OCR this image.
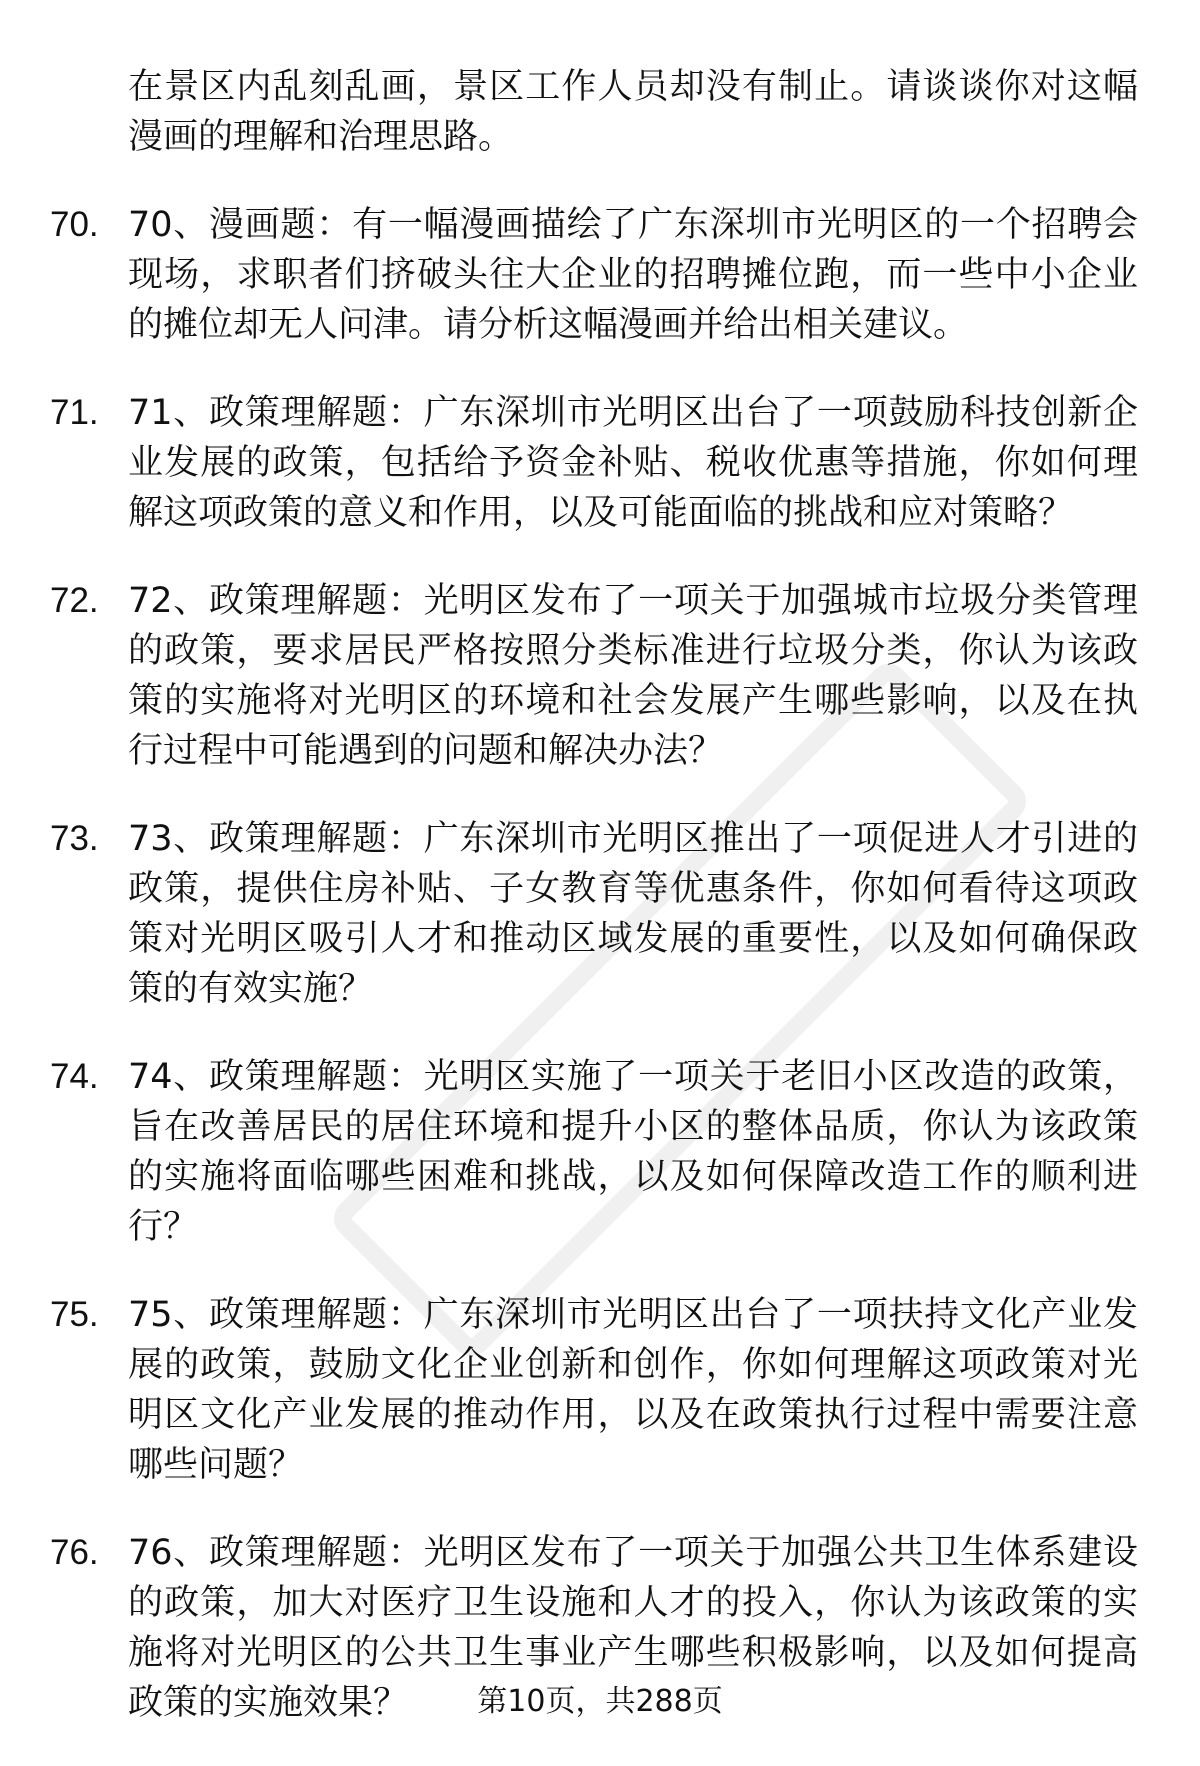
在景区内乱刻乱画，景区工作人员却没有制止。请谈谈你对这幅漫画的理解和治理思路。

70. 70、漫画题：有一幅漫画描绘了广东深圳市光明区的一个招聘会现场，求职者们挤破头往大企业的招聘摊位跑，而一些中小企业的摊位却无人问津。请分析这幅漫画并给出相关建议。
71. 71、政策理解题：广东深圳市光明区出台了一项鼓励科技创新企业发展的政策，包括给予资金补贴、税收优惠等措施，你如何理解这项政策的意义和作用，以及可能面临的挑战和应对策略？
72. 72、政策理解题：光明区发布了一项关于加强城市垃圾分类管理的政策，要求居民严格按照分类标准进行垃圾分类，你认为该政策的实施将对光明区的环境和社会发展产生哪些影响，以及在执行过程中可能遇到的问题和解决办法？
73. 73、政策理解题：广东深圳市光明区推出了一项促进人才引进的政策，提供住房补贴、子女教育等优惠条件，你如何看待这项政策对光明区吸引人才和推动区域发展的重要性，以及如何确保政策的有效实施？
74. 74、政策理解题：光明区实施了一项关于老旧小区改造的政策，旨在改善居民的居住环境和提升小区的整体品质，你认为该政策的实施将面临哪些困难和挑战，以及如何保障改造工作的顺利进行？
75. 75、政策理解题：广东深圳市光明区出台了一项扶持文化产业发展的政策，鼓励文化企业创新和创作，你如何理解这项政策对光明区文化产业发展的推动作用，以及在政策执行过程中需要注意哪些问题？
76. 76、政策理解题：光明区发布了一项关于加强公共卫生体系建设的政策，加大对医疗卫生设施和人才的投入，你认为该政策的实施将对光明区的公共卫生事业产生哪些积极影响，以及如何提高政策的实施效果？	第10页，共288页
